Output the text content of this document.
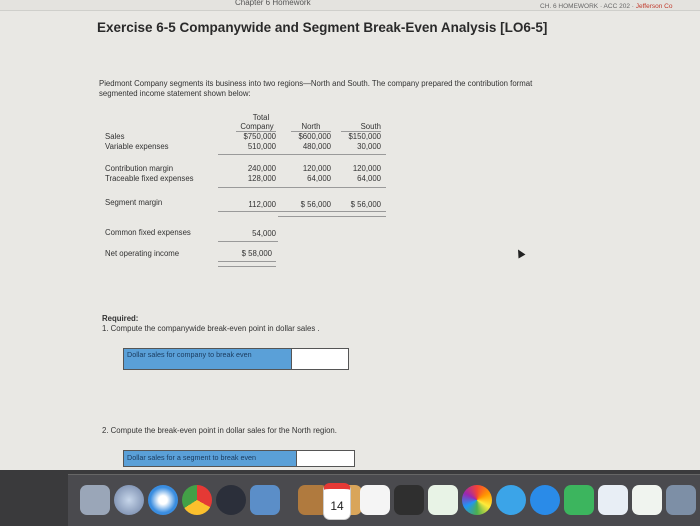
Chapter 6 Homework	CH. 6 HOMEWORK · ACC 202 · Jefferson Co
Exercise 6-5 Companywide and Segment Break-Even Analysis [LO6-5]
Piedmont Company segments its business into two regions—North and South. The company prepared the contribution format segmented income statement shown below:
Total
Company	North	South
Sales	$750,000	$600,000	$150,000
Variable expenses	510,000	480,000	30,000
Contribution margin	240,000	120,000	120,000
Traceable fixed expenses	128,000	64,000	64,000
Segment margin	112,000	$ 56,000	$ 56,000
Common fixed expenses	54,000
Net operating income	$ 58,000
Required:
1. Compute the companywide break-even point in dollar sales .
Dollar sales for company to break even
2. Compute the break-even point in dollar sales for the North region.
Dollar sales for a segment to break even
14
